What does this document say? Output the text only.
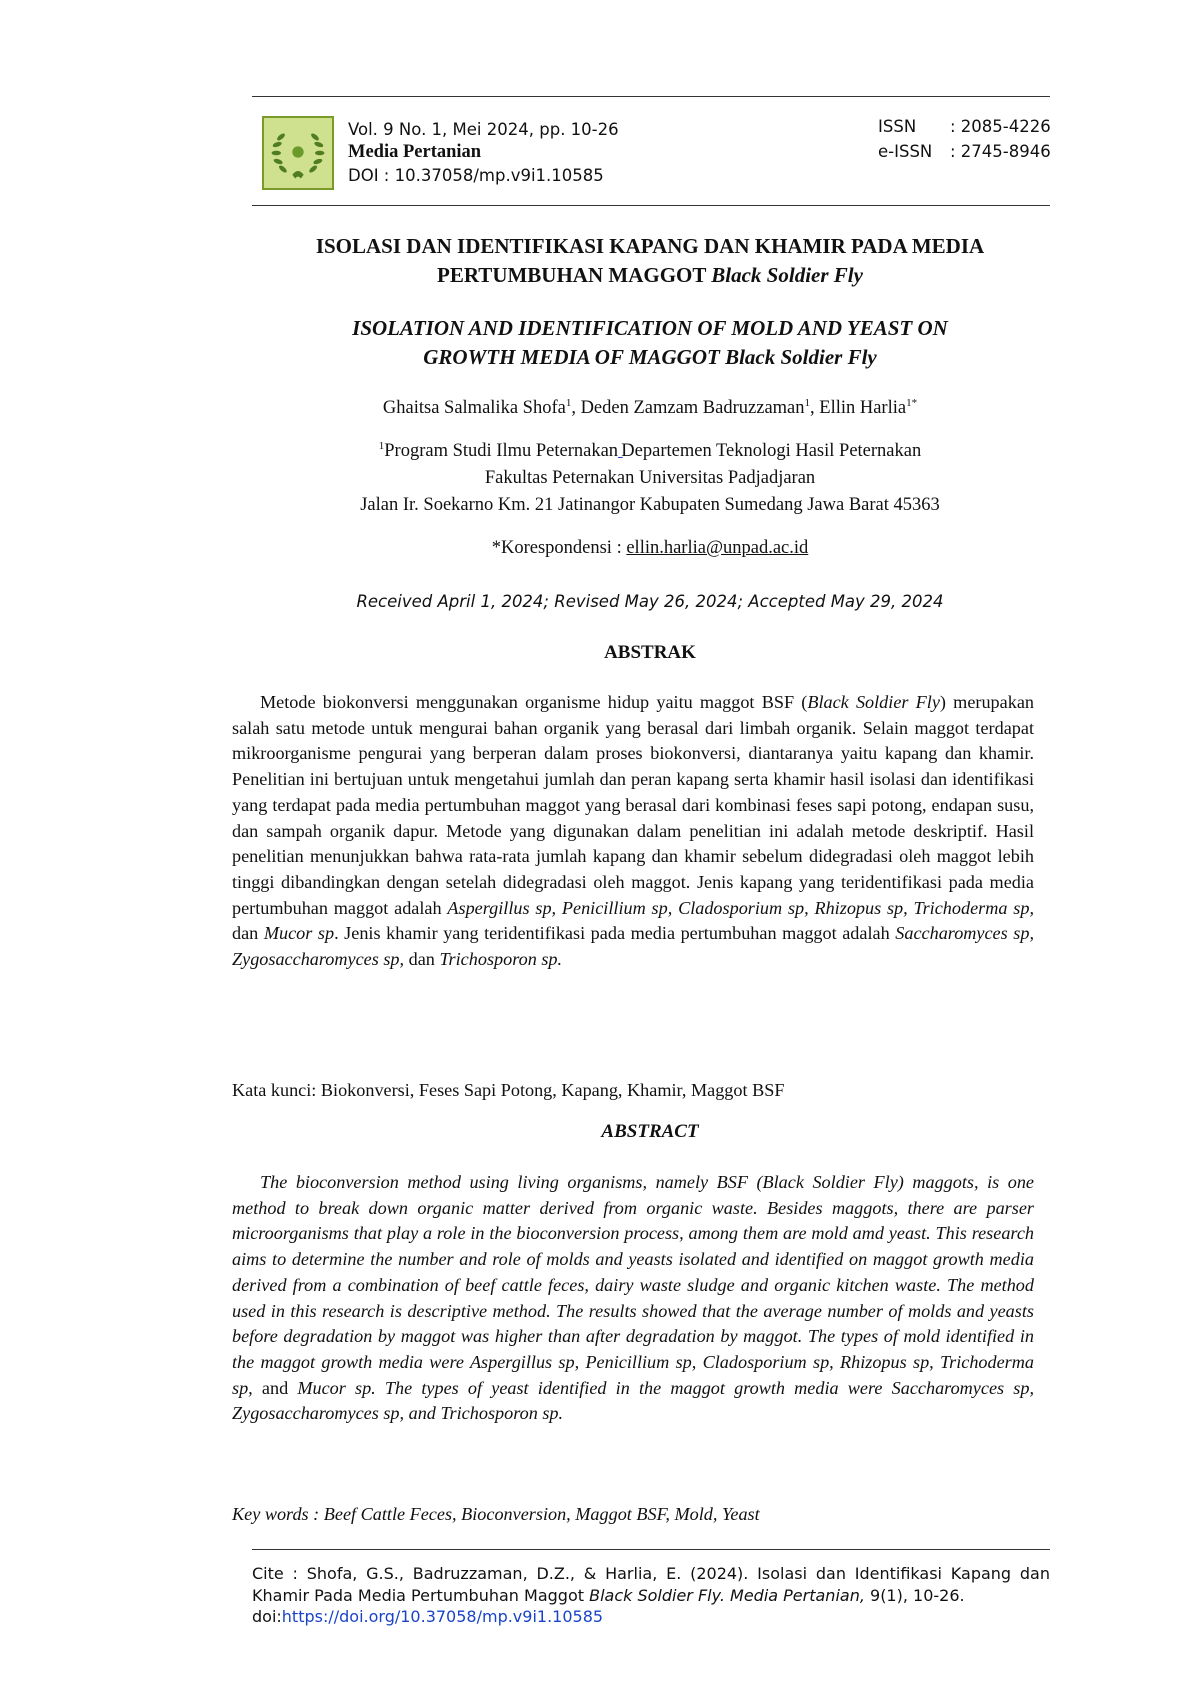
Vol. 9 No. 1, Mei 2024, pp. 10-26
Media Pertanian
DOI : 10.37058/mp.v9i1.10585
ISSN	: 2085-4226
e-ISSN	: 2745-8946
ISOLASI DAN IDENTIFIKASI KAPANG DAN KHAMIR PADA MEDIA
PERTUMBUHAN MAGGOT Black Soldier Fly
ISOLATION AND IDENTIFICATION OF MOLD AND YEAST ON
GROWTH MEDIA OF MAGGOT Black Soldier Fly
Ghaitsa Salmalika Shofa$^1$, Deden Zamzam Badruzzaman$^1$, Ellin Harlia$^{1*}$
$^1$Program Studi Ilmu Peternakan  Departemen Teknologi Hasil Peternakan
Fakultas Peternakan Universitas Padjadjaran
Jalan Ir. Soekarno Km. 21 Jatinangor Kabupaten Sumedang Jawa Barat 45363
*Korespondensi : ellin.harlia@unpad.ac.id
Received April 1, 2024; Revised May 26, 2024; Accepted May 29, 2024
ABSTRAK
Metode biokonversi menggunakan organisme hidup yaitu maggot BSF (Black Soldier Fly) merupakan salah satu metode untuk mengurai bahan organik yang berasal dari limbah organik. Selain maggot terdapat mikroorganisme pengurai yang berperan dalam proses biokonversi, diantaranya yaitu kapang dan khamir. Penelitian ini bertujuan untuk mengetahui jumlah dan peran kapang serta khamir hasil isolasi dan identifikasi yang terdapat pada media pertumbuhan maggot yang berasal dari kombinasi feses sapi potong, endapan susu, dan sampah organik dapur. Metode yang digunakan dalam penelitian ini adalah metode deskriptif. Hasil penelitian menunjukkan bahwa rata-rata jumlah kapang dan khamir sebelum didegradasi oleh maggot lebih tinggi dibandingkan dengan setelah didegradasi oleh maggot. Jenis kapang yang teridentifikasi pada media pertumbuhan maggot adalah Aspergillus sp, Penicillium sp, Cladosporium sp, Rhizopus sp, Trichoderma sp, dan Mucor sp. Jenis khamir yang teridentifikasi pada media pertumbuhan maggot adalah Saccharomyces sp, Zygosaccharomyces sp, dan Trichosporon sp.
Kata kunci: Biokonversi, Feses Sapi Potong, Kapang, Khamir, Maggot BSF
ABSTRACT
The bioconversion method using living organisms, namely BSF (Black Soldier Fly) maggots, is one method to break down organic matter derived from organic waste. Besides maggots, there are parser microorganisms that play a role in the bioconversion process, among them are mold amd yeast. This research aims to determine the number and role of molds and yeasts isolated and identified on maggot growth media derived from a combination of beef cattle feces, dairy waste sludge and organic kitchen waste. The method used in this research is descriptive method. The results showed that the average number of molds and yeasts before degradation by maggot was higher than after degradation by maggot. The types of mold identified in the maggot growth media were Aspergillus sp, Penicillium sp, Cladosporium sp, Rhizopus sp, Trichoderma sp, and Mucor sp. The types of yeast identified in the maggot growth media were Saccharomyces sp, Zygosaccharomyces sp, and Trichosporon sp.
Key words : Beef Cattle Feces, Bioconversion, Maggot BSF, Mold, Yeast
Cite : Shofa, G.S., Badruzzaman, D.Z., & Harlia, E. (2024). Isolasi dan Identifikasi Kapang dan Khamir Pada Media Pertumbuhan Maggot Black Soldier Fly. Media Pertanian, 9(1), 10-26.
doi:https://doi.org/10.37058/mp.v9i1.10585
